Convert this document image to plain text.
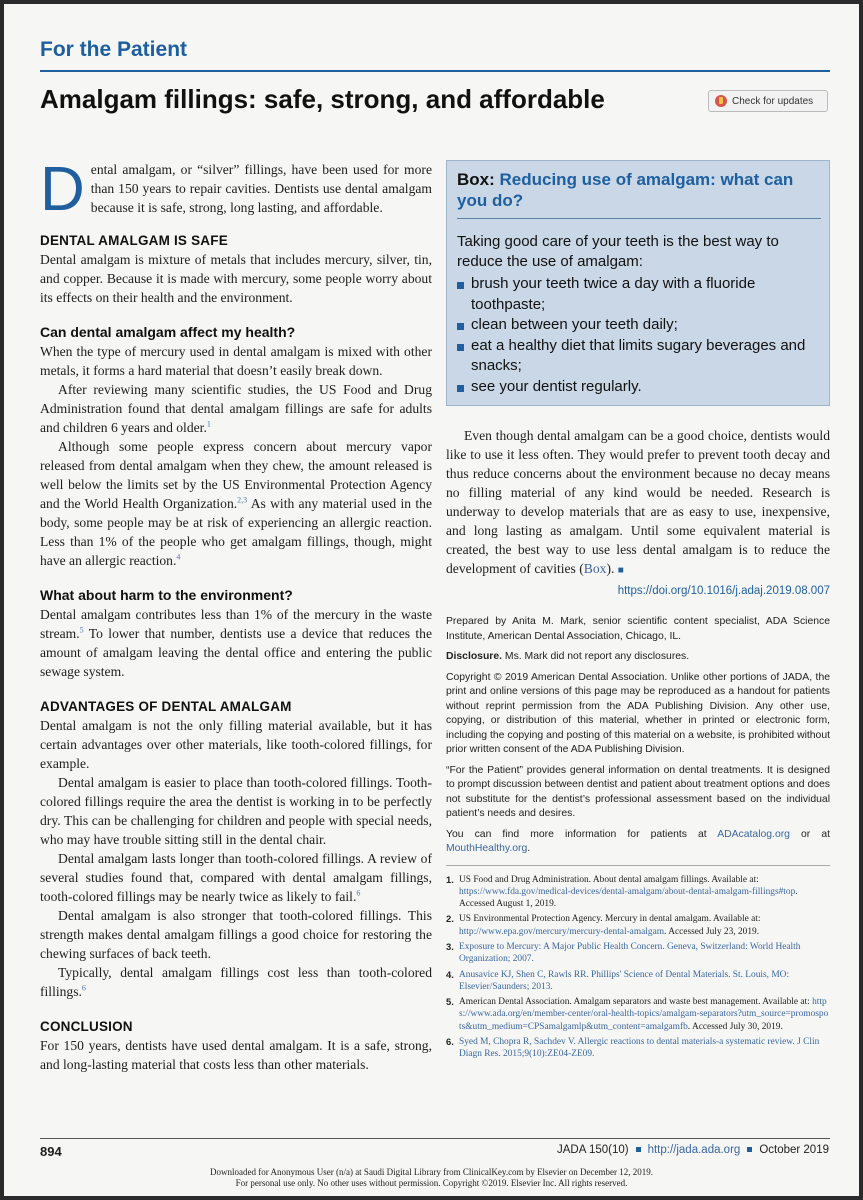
For the Patient
Amalgam fillings: safe, strong, and affordable	Check for updates

Dental amalgam, or “silver” fillings, have been used for more than 150 years to repair cavities. Dentists use dental amalgam because it is safe, strong, long lasting, and affordable.

DENTAL AMALGAM IS SAFE

Dental amalgam is mixture of metals that includes mercury, silver, tin, and copper. Because it is made with mercury, some people worry about its effects on their health and the environment.

Can dental amalgam affect my health?

When the type of mercury used in dental amalgam is mixed with other metals, it forms a hard material that doesn’t easily break down.

After reviewing many scientific studies, the US Food and Drug Administration found that dental amalgam fillings are safe for adults and children 6 years and older.$^1$

Although some people express concern about mercury vapor released from dental amalgam when they chew, the amount released is well below the limits set by the US Environmental Protection Agency and the World Health Organization.$^{2,3}$ As with any material used in the body, some people may be at risk of experiencing an allergic reaction. Less than 1% of the people who get amalgam fillings, though, might have an allergic reaction.$^4$

What about harm to the environment?

Dental amalgam contributes less than 1% of the mercury in the waste stream.$^5$ To lower that number, dentists use a device that reduces the amount of amalgam leaving the dental office and entering the public sewage system.

ADVANTAGES OF DENTAL AMALGAM

Dental amalgam is not the only filling material available, but it has certain advantages over other materials, like tooth-colored fillings, for example.

Dental amalgam is easier to place than tooth-colored fillings. Tooth-colored fillings require the area the dentist is working in to be perfectly dry. This can be challenging for children and people with special needs, who may have trouble sitting still in the dental chair.

Dental amalgam lasts longer than tooth-colored fillings. A review of several studies found that, compared with dental amalgam fillings, tooth-colored fillings may be nearly twice as likely to fail.$^6$

Dental amalgam is also stronger that tooth-colored fillings. This strength makes dental amalgam fillings a good choice for restoring the chewing surfaces of back teeth.

Typically, dental amalgam fillings cost less than tooth-colored fillings.$^6$

CONCLUSION

For 150 years, dentists have used dental amalgam. It is a safe, strong, and long-lasting material that costs less than other materials.

Box: Reducing use of amalgam: what can you do?
Taking good care of your teeth is the best way to reduce the use of amalgam:
brush your teeth twice a day with a fluoride toothpaste;
clean between your teeth daily;
eat a healthy diet that limits sugary beverages and snacks;
see your dentist regularly.

Even though dental amalgam can be a good choice, dentists would like to use it less often. They would prefer to prevent tooth decay and thus reduce concerns about the environment because no decay means no filling material of any kind would be needed. Research is underway to develop materials that are as easy to use, inexpensive, and long lasting as amalgam. Until some equivalent material is created, the best way to use less dental amalgam is to reduce the development of cavities (Box). ■

https://doi.org/10.1016/j.adaj.2019.08.007

Prepared by Anita M. Mark, senior scientific content specialist, ADA Science Institute, American Dental Association, Chicago, IL.

Disclosure. Ms. Mark did not report any disclosures.

Copyright © 2019 American Dental Association. Unlike other portions of JADA, the print and online versions of this page may be reproduced as a handout for patients without reprint permission from the ADA Publishing Division. Any other use, copying, or distribution of this material, whether in printed or electronic form, including the copying and posting of this material on a website, is prohibited without prior written consent of the ADA Publishing Division.

“For the Patient” provides general information on dental treatments. It is designed to prompt discussion between dentist and patient about treatment options and does not substitute for the dentist’s professional assessment based on the individual patient’s needs and desires.

You can find more information for patients at ADAcatalog.org or at MouthHealthy.org.

1. US Food and Drug Administration. About dental amalgam fillings. Available at: https://www.fda.gov/medical-devices/dental-amalgam/about-dental-amalgam-fillings#top. Accessed August 1, 2019.
2. US Environmental Protection Agency. Mercury in dental amalgam. Available at: http://www.epa.gov/mercury/mercury-dental-amalgam. Accessed July 23, 2019.
3. Exposure to Mercury: A Major Public Health Concern. Geneva, Switzerland: World Health Organization; 2007.
4. Anusavice KJ, Shen C, Rawls RR. Phillips' Science of Dental Materials. St. Louis, MO: Elsevier/Saunders; 2013.
5. American Dental Association. Amalgam separators and waste best management. Available at: https://www.ada.org/en/member-center/oral-health-topics/amalgam-separators?utm_source=promospots&utm_medium=CPSamalgamlp&utm_content=amalgamfb. Accessed July 30, 2019.
6. Syed M, Chopra R, Sachdev V. Allergic reactions to dental materials-a systematic review. J Clin Diagn Res. 2015;9(10):ZE04-ZE09.
894	JADA 150(10) http://jada.ada.org October 2019
Downloaded for Anonymous User (n/a) at Saudi Digital Library from ClinicalKey.com by Elsevier on December 12, 2019.
For personal use only. No other uses without permission. Copyright ©2019. Elsevier Inc. All rights reserved.
